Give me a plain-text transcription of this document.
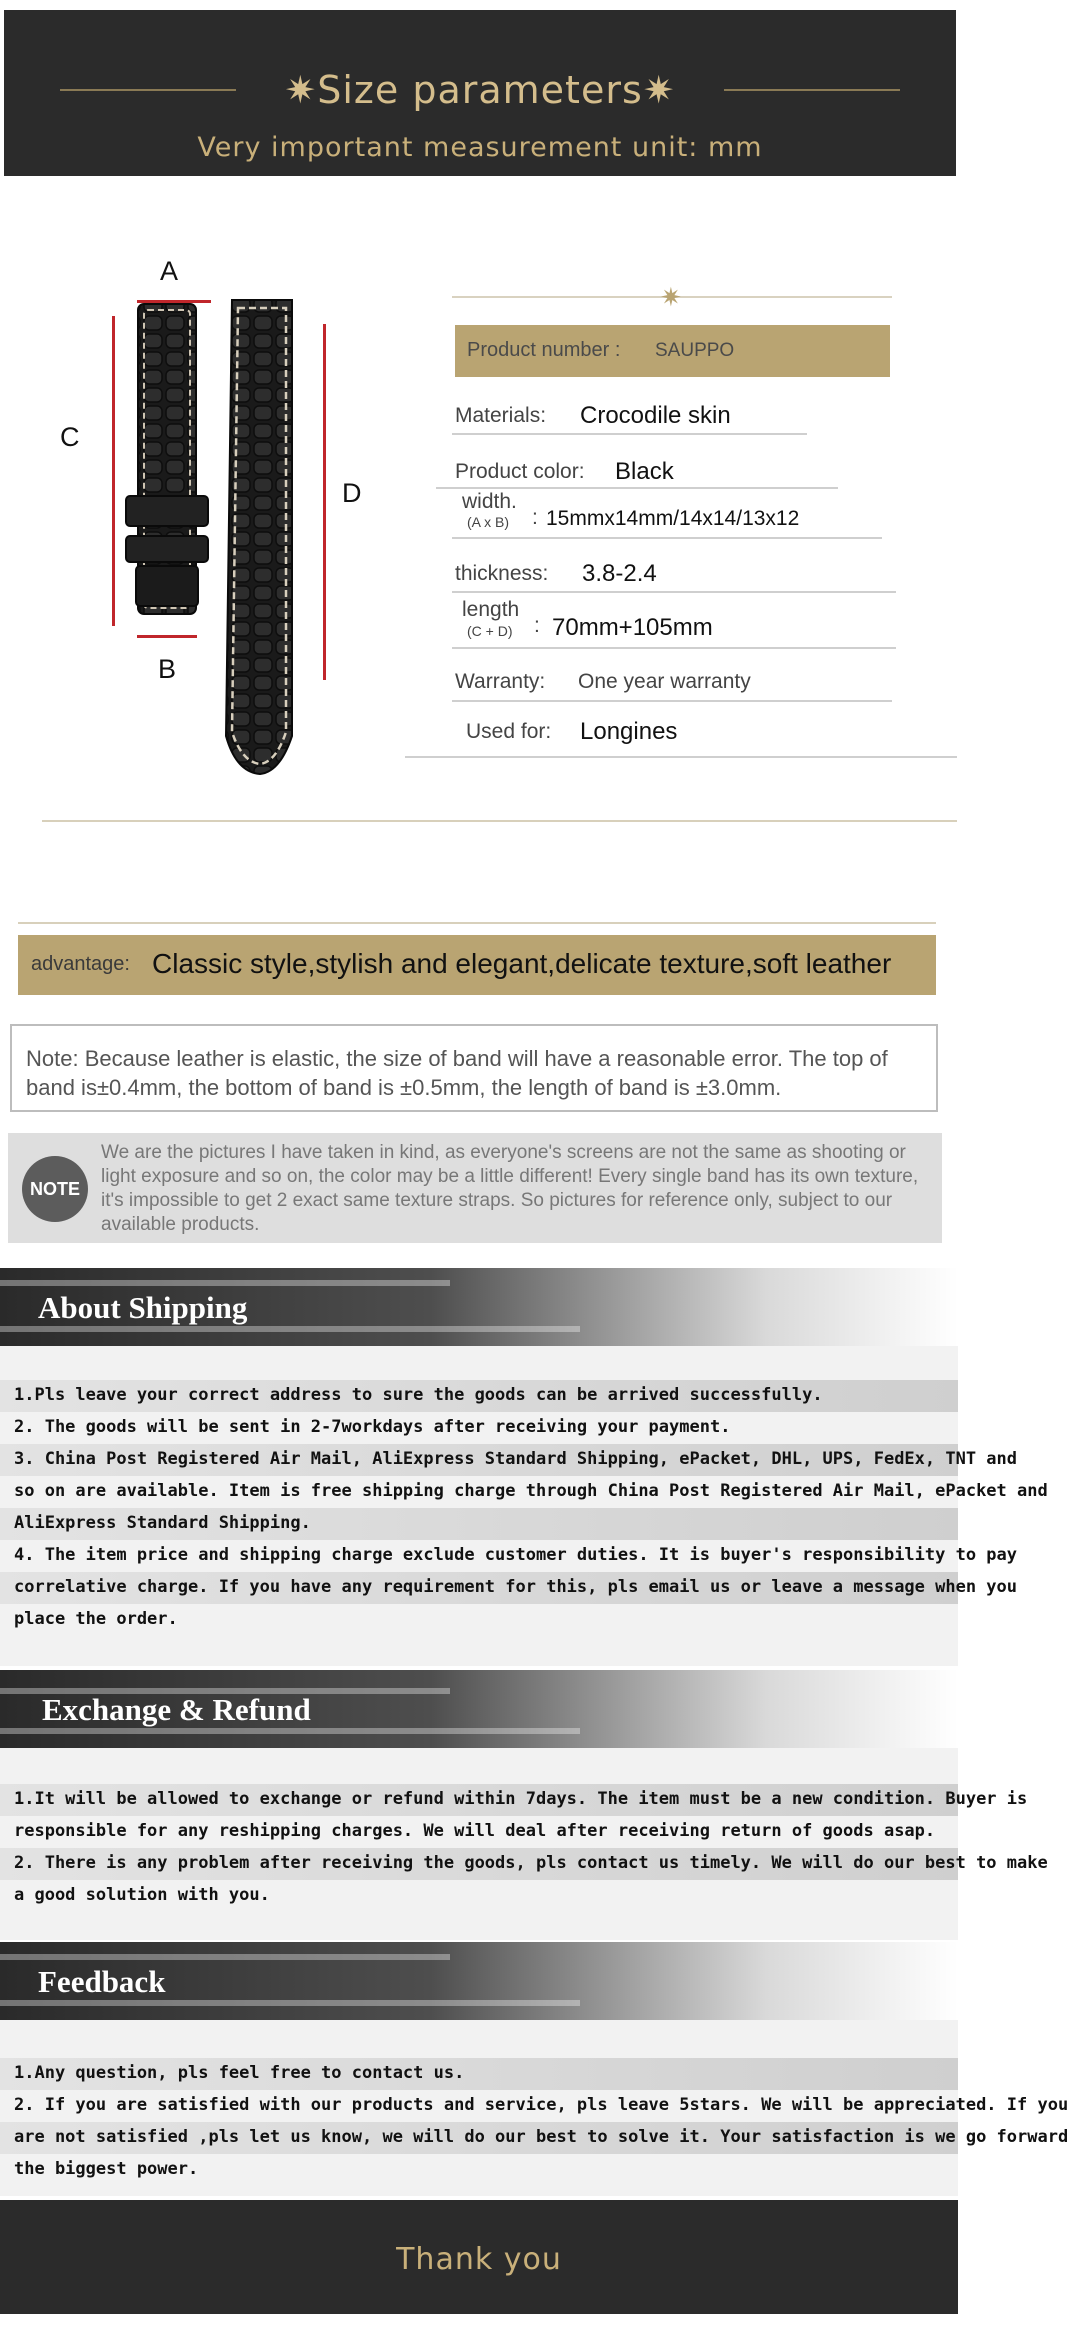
✷Size parameters✷
Very important measurement unit: mm
A
B
C
D
✷
Product number : SAUPPO
Materials: Crocodile skin
Product color: Black
width.
(A x B) : 15mmx14mm/14x14/13x12
thickness: 3.8-2.4
length
(C + D) : 70mm+105mm
Warranty: One year warranty
Used for: Longines
advantage: Classic style,stylish and elegant,delicate texture,soft leather
Note: Because leather is elastic, the size of band will have a reasonable error. The top of band is±0.4mm, the bottom of band is ±0.5mm, the length of band is ±3.0mm.
NOTE
We are the pictures I have taken in kind, as everyone's screens are not the same as shooting or light exposure and so on, the color may be a little different! Every single band has its own texture, it's impossible to get 2 exact same texture straps. So pictures for reference only, subject to our available products.
About Shipping
1.Pls leave your correct address to sure the goods can be arrived successfully.
2. The goods will be sent in 2-7workdays after receiving your payment.
3. China Post Registered Air Mail, AliExpress Standard Shipping, ePacket, DHL, UPS, FedEx, TNT and
so on are available. Item is free shipping charge through China Post Registered Air Mail, ePacket and
AliExpress Standard Shipping.
4. The item price and shipping charge exclude customer duties. It is buyer's responsibility to pay
correlative charge. If you have any requirement for this, pls email us or leave a message when you
place the order.
Exchange & Refund
1.It will be allowed to exchange or refund within 7days. The item must be a new condition. Buyer is
responsible for any reshipping charges. We will deal after receiving return of goods asap.
2. There is any problem after receiving the goods, pls contact us timely. We will do our best to make
a good solution with you.
Feedback
1.Any question, pls feel free to contact us.
2. If you are satisfied with our products and service, pls leave 5stars. We will be appreciated. If you
are not satisfied ,pls let us know, we will do our best to solve it. Your satisfaction is we go forward
the biggest power.
Thank you
